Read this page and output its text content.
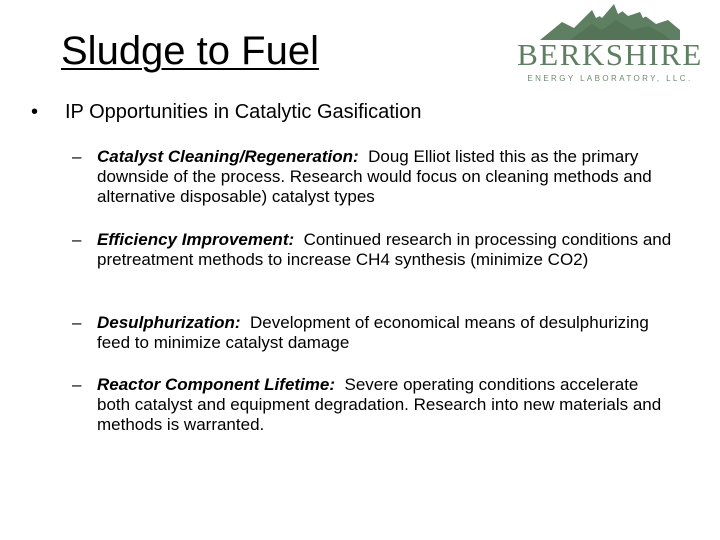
Sludge to Fuel	BERKSHIRE
ENERGY LABORATORY, LLC.
• IP Opportunities in Catalytic Gasification
– Catalyst Cleaning/Regeneration: Doug Elliot listed this as the primary downside of the process. Research would focus on cleaning methods and alternative disposable) catalyst types
– Efficiency Improvement: Continued research in processing conditions and pretreatment methods to increase CH4 synthesis (minimize CO2)
– Desulphurization: Development of economical means of desulphurizing feed to minimize catalyst damage
– Reactor Component Lifetime: Severe operating conditions accelerate both catalyst and equipment degradation. Research into new materials and methods is warranted.
